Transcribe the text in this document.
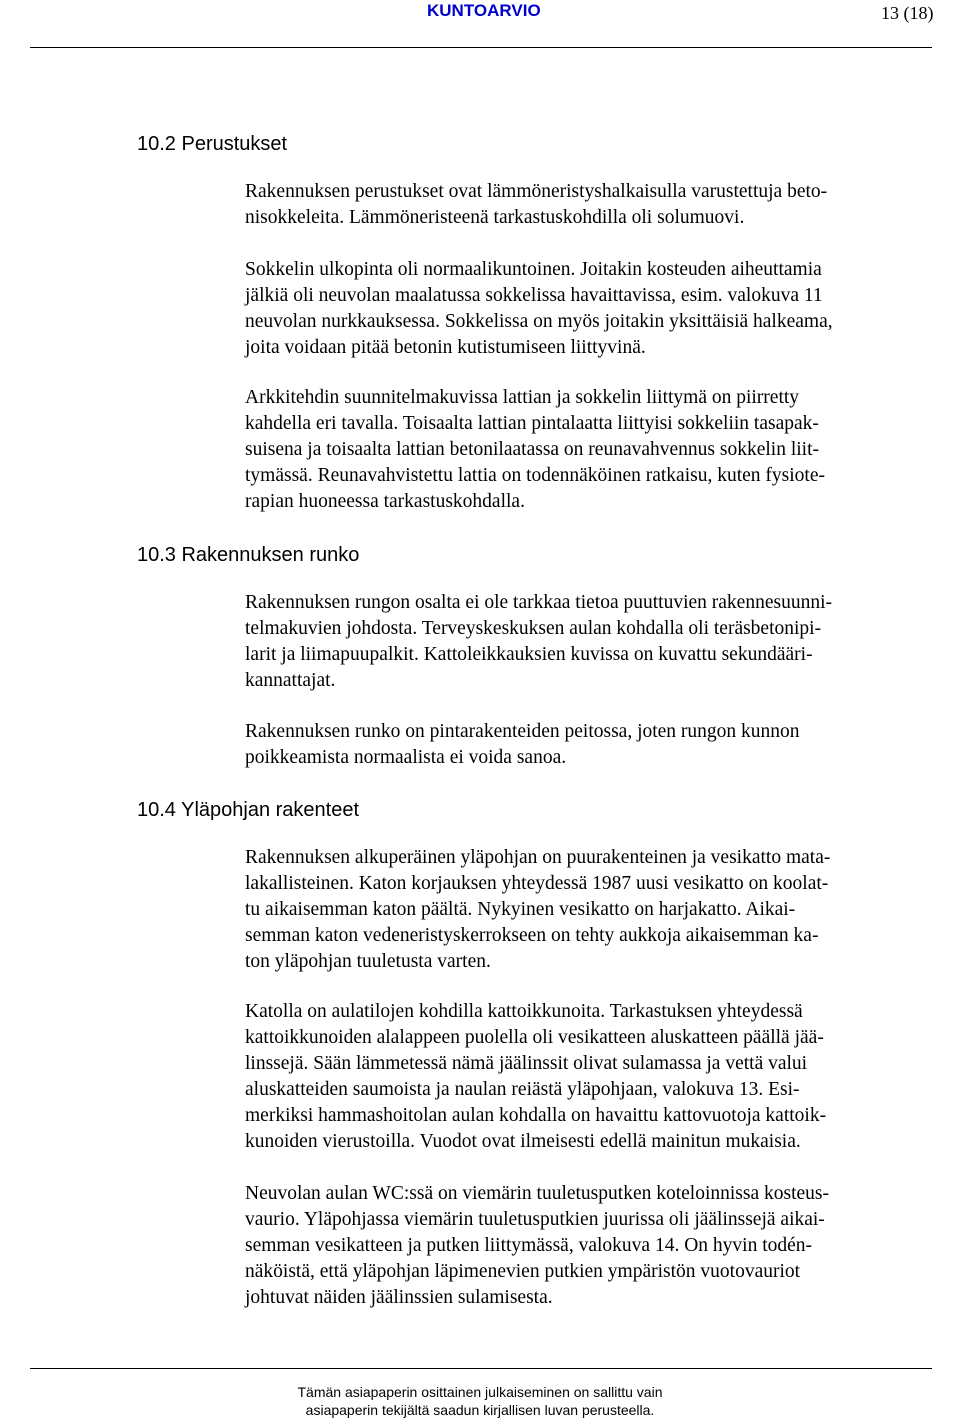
KUNTOARVIO	13 (18)
10.2 Perustukset

Rakennuksen perustukset ovat lämmöneristyshalkaisulla varustettuja beto-
nisokkeleita. Lämmöneristeenä tarkastuskohdilla oli solumuovi.

Sokkelin ulkopinta oli normaalikuntoinen. Joitakin kosteuden aiheuttamia
jälkiä oli neuvolan maalatussa sokkelissa havaittavissa, esim. valokuva 11
neuvolan nurkkauksessa. Sokkelissa on myös joitakin yksittäisiä halkeama,
joita voidaan pitää betonin kutistumiseen liittyvinä.

Arkkitehdin suunnitelmakuvissa lattian ja sokkelin liittymä on piirretty
kahdella eri tavalla. Toisaalta lattian pintalaatta liittyisi sokkeliin tasapak-
suisena ja toisaalta lattian betonilaatassa on reunavahvennus sokkelin liit-
tymässä. Reunavahvistettu lattia on todennäköinen ratkaisu, kuten fysiote-
rapian huoneessa tarkastuskohdalla.

10.3 Rakennuksen runko

Rakennuksen rungon osalta ei ole tarkkaa tietoa puuttuvien rakennesuunni-
telmakuvien johdosta. Terveyskeskuksen aulan kohdalla oli teräsbetonipi-
larit ja liimapuupalkit. Kattoleikkauksien kuvissa on kuvattu sekundääri-
kannattajat.

Rakennuksen runko on pintarakenteiden peitossa, joten rungon kunnon
poikkeamista normaalista ei voida sanoa.

10.4 Yläpohjan rakenteet

Rakennuksen alkuperäinen yläpohjan on puurakenteinen ja vesikatto mata-
lakallisteinen. Katon korjauksen yhteydessä 1987 uusi vesikatto on koolat-
tu aikaisemman katon päältä. Nykyinen vesikatto on harjakatto. Aikai-
semman katon vedeneristyskerrokseen on tehty aukkoja aikaisemman ka-
ton yläpohjan tuuletusta varten.

Katolla on aulatilojen kohdilla kattoikkunoita. Tarkastuksen yhteydessä
kattoikkunoiden alalappeen puolella oli vesikatteen aluskatteen päällä jää-
linssejä. Sään lämmetessä nämä jäälinssit olivat sulamassa ja vettä valui
aluskatteiden saumoista ja naulan reiästä yläpohjaan, valokuva 13. Esi-
merkiksi hammashoitolan aulan kohdalla on havaittu kattovuotoja kattoik-
kunoiden vierustoilla. Vuodot ovat ilmeisesti edellä mainitun mukaisia.

Neuvolan aulan WC:ssä on viemärin tuuletusputken koteloinnissa kosteus-
vaurio. Yläpohjassa viemärin tuuletusputkien juurissa oli jäälinssejä aikai-
semman vesikatteen ja putken liittymässä, valokuva 14. On hyvin todén-
näköistä, että yläpohjan läpimenevien putkien ympäristön vuotovauriot
johtuvat näiden jäälinssien sulamisesta.

Tämän asiapaperin osittainen julkaiseminen on sallittu vain
asiapaperin tekijältä saadun kirjallisen luvan perusteella.
